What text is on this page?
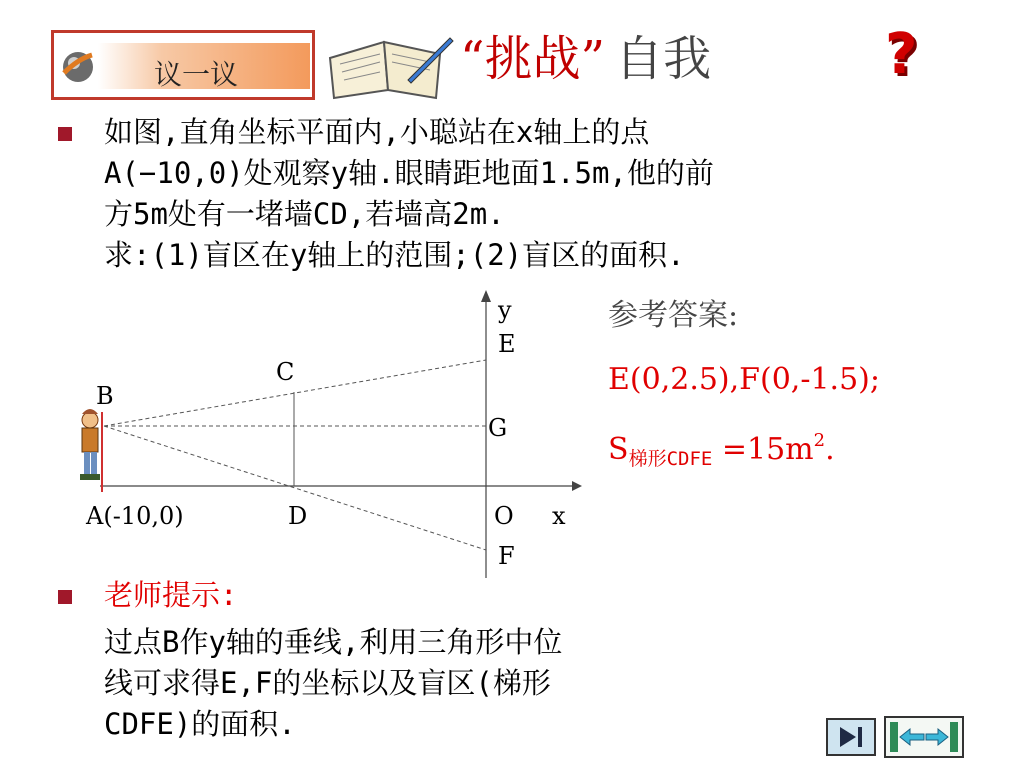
议一议	“挑战” 自我	?
如图,直角坐标平面内,小聪站在x轴上的点
A(−10,0)处观察y轴.眼睛距地面1.5m,他的前
方5m处有一堵墙CD,若墙高2m.
求:(1)盲区在y轴上的范围;(2)盲区的面积.
y
E
C
B
G
A(-10,0)	D	O x
F
参考答案:
E(0,2.5),F(0,-1.5);
$S_{梯形CDFE} =15m^2$.
老师提示:
过点B作y轴的垂线,利用三角形中位
线可求得E,F的坐标以及盲区(梯形
CDFE)的面积.
